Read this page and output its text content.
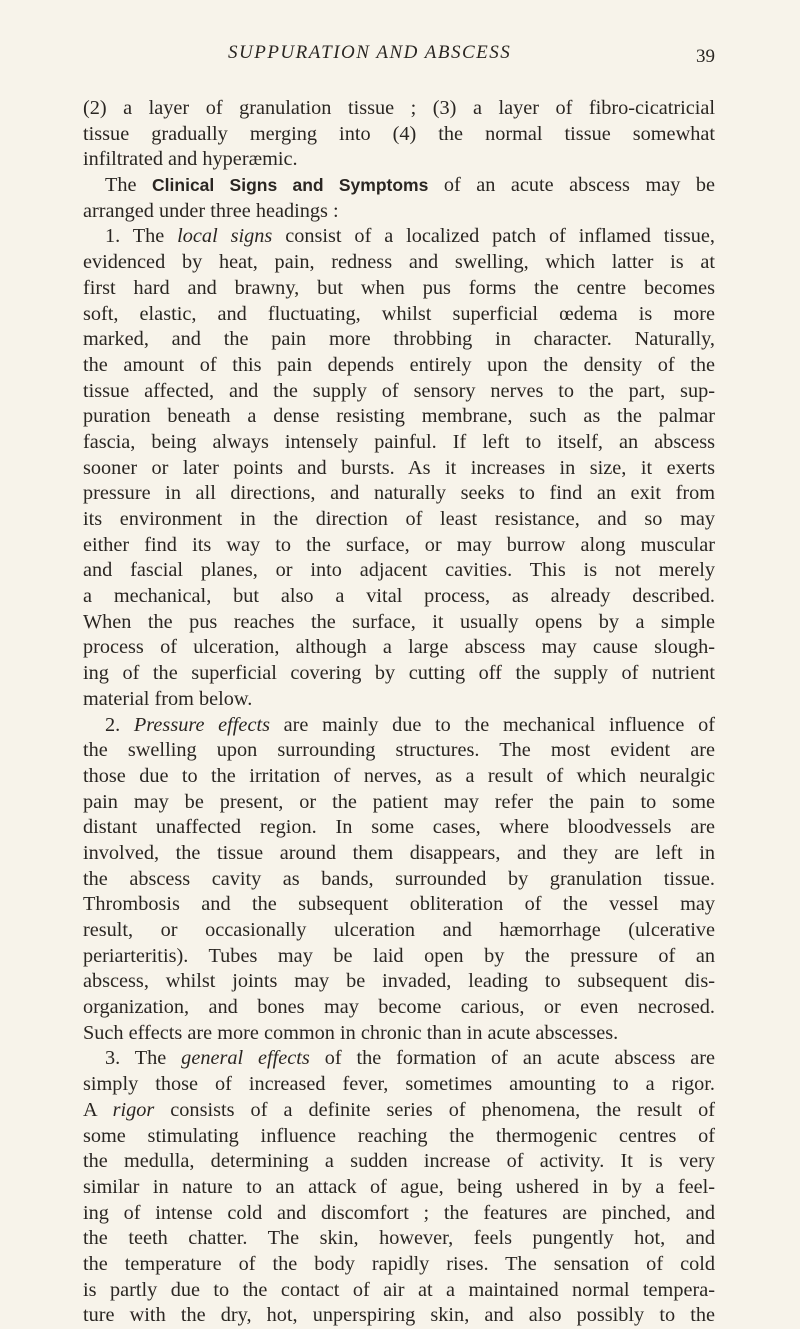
SUPPURATION AND ABSCESS	39
(2) a layer of granulation tissue ; (3) a layer of fibro-cicatricial
tissue gradually merging into (4) the normal tissue somewhat
infiltrated and hyperæmic.
The Clinical Signs and Symptoms of an acute abscess may be
arranged under three headings :
1. The local signs consist of a localized patch of inflamed tissue,
evidenced by heat, pain, redness and swelling, which latter is at
first hard and brawny, but when pus forms the centre becomes
soft, elastic, and fluctuating, whilst superficial œdema is more
marked, and the pain more throbbing in character. Naturally,
the amount of this pain depends entirely upon the density of the
tissue affected, and the supply of sensory nerves to the part, sup-
puration beneath a dense resisting membrane, such as the palmar
fascia, being always intensely painful. If left to itself, an abscess
sooner or later points and bursts. As it increases in size, it exerts
pressure in all directions, and naturally seeks to find an exit from
its environment in the direction of least resistance, and so may
either find its way to the surface, or may burrow along muscular
and fascial planes, or into adjacent cavities. This is not merely
a mechanical, but also a vital process, as already described.
When the pus reaches the surface, it usually opens by a simple
process of ulceration, although a large abscess may cause slough-
ing of the superficial covering by cutting off the supply of nutrient
material from below.
2. Pressure effects are mainly due to the mechanical influence of
the swelling upon surrounding structures. The most evident are
those due to the irritation of nerves, as a result of which neuralgic
pain may be present, or the patient may refer the pain to some
distant unaffected region. In some cases, where bloodvessels are
involved, the tissue around them disappears, and they are left in
the abscess cavity as bands, surrounded by granulation tissue.
Thrombosis and the subsequent obliteration of the vessel may
result, or occasionally ulceration and hæmorrhage (ulcerative
periarteritis). Tubes may be laid open by the pressure of an
abscess, whilst joints may be invaded, leading to subsequent dis-
organization, and bones may become carious, or even necrosed.
Such effects are more common in chronic than in acute abscesses.
3. The general effects of the formation of an acute abscess are
simply those of increased fever, sometimes amounting to a rigor.
A rigor consists of a definite series of phenomena, the result of
some stimulating influence reaching the thermogenic centres of
the medulla, determining a sudden increase of activity. It is very
similar in nature to an attack of ague, being ushered in by a feel-
ing of intense cold and discomfort ; the features are pinched, and
the teeth chatter. The skin, however, feels pungently hot, and
the temperature of the body rapidly rises. The sensation of cold
is partly due to the contact of air at a maintained normal tempera-
ture with the dry, hot, unperspiring skin, and also possibly to the
